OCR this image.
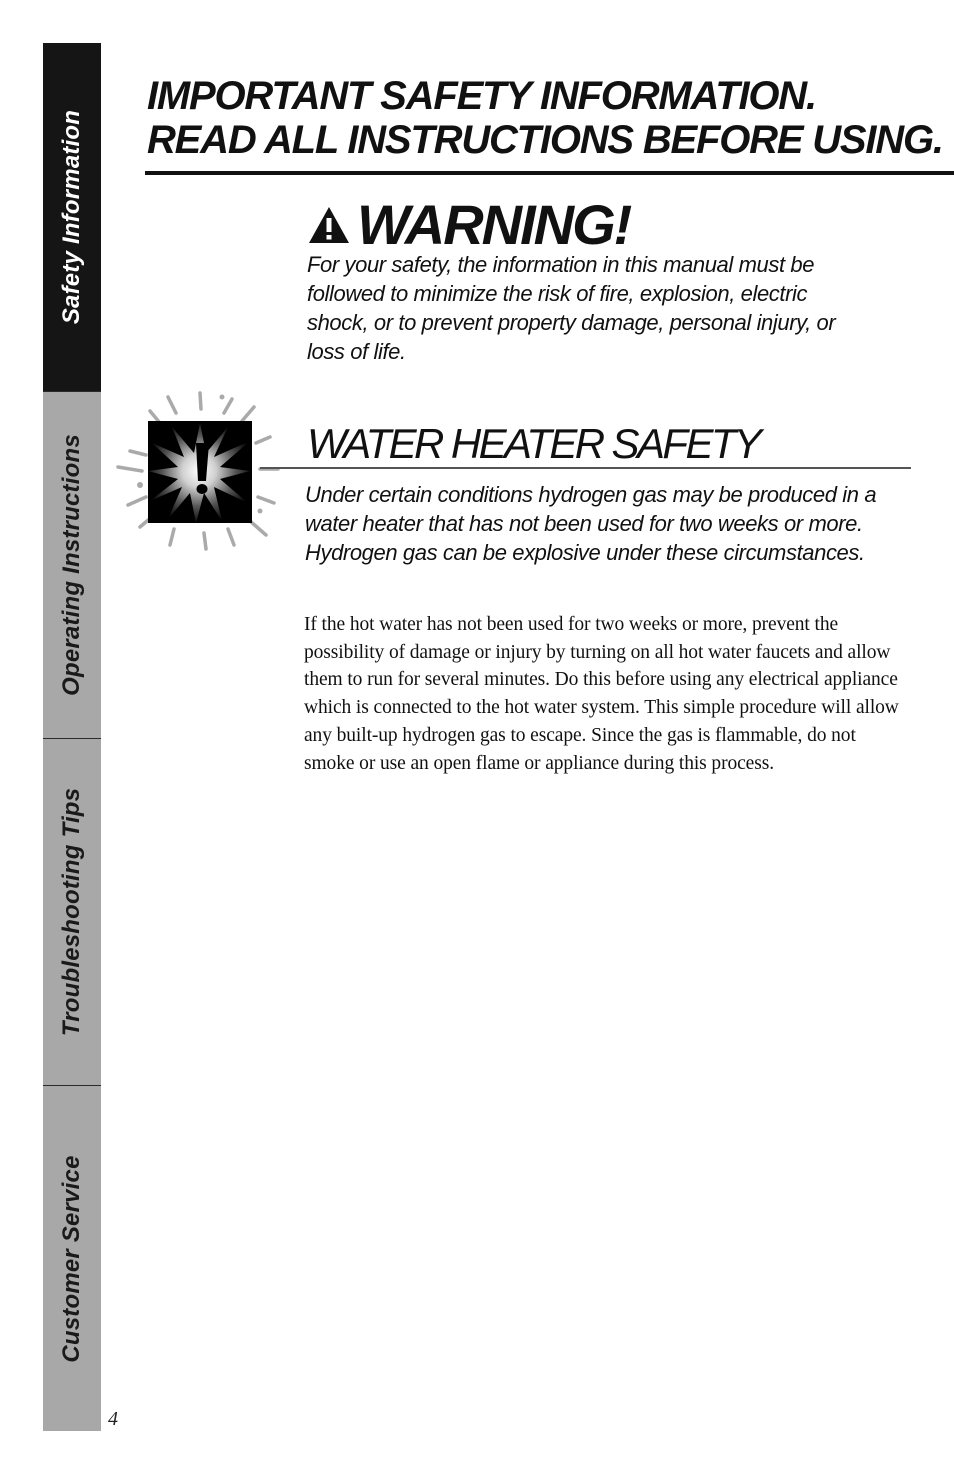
Safety Information
Operating Instructions
Troubleshooting Tips
Customer Service
IMPORTANT SAFETY INFORMATION.
READ ALL INSTRUCTIONS BEFORE USING.
WARNING!

For your safety, the information in this manual must be followed to minimize the risk of fire, explosion, electric shock, or to prevent property damage, personal injury, or loss of life.

WATER HEATER SAFETY

Under certain conditions hydrogen gas may be produced in a water heater that has not been used for two weeks or more. Hydrogen gas can be explosive under these circumstances.

If the hot water has not been used for two weeks or more, prevent the possibility of damage or injury by turning on all hot water faucets and allow them to run for several minutes. Do this before using any electrical appliance which is connected to the hot water system. This simple procedure will allow any built-up hydrogen gas to escape. Since the gas is flammable, do not smoke or use an open flame or appliance during this process.

4
